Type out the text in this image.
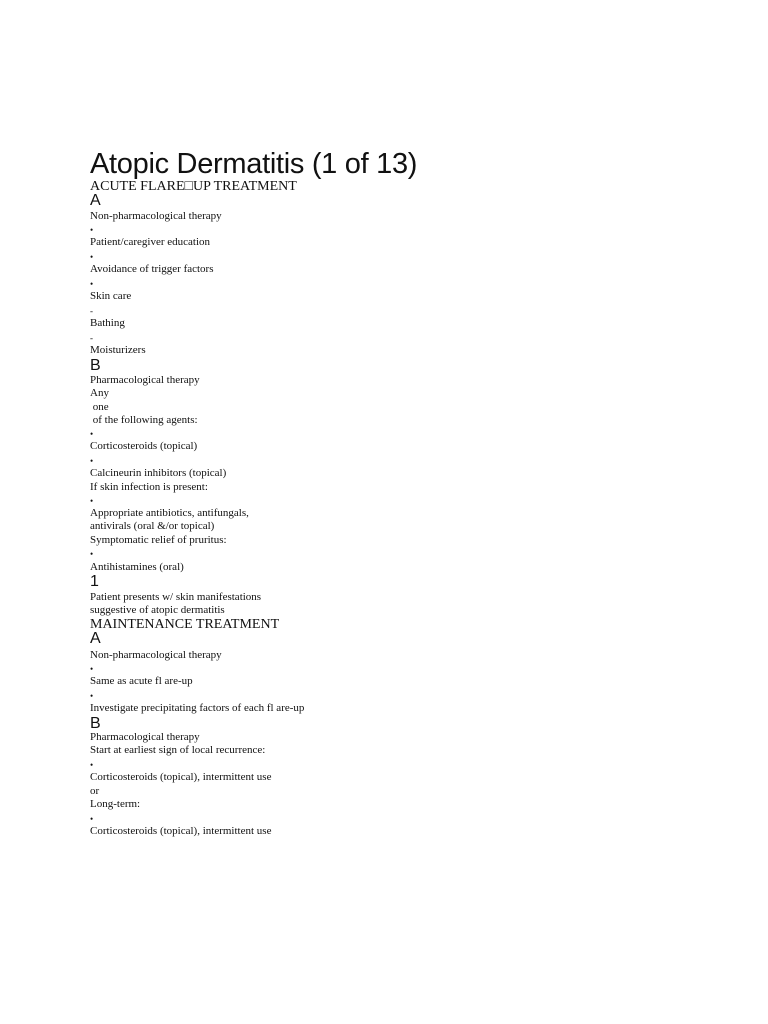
Atopic Dermatitis (1 of 13)
ACUTE FLARE□UP TREATMENT
A
Non-pharmacological therapy
•
Patient/caregiver education
•
Avoidance of trigger factors
•
Skin care
-
Bathing
-
Moisturizers
B
Pharmacological therapy
Any
one
of the following agents:
•
Corticosteroids (topical)
•
Calcineurin inhibitors (topical)
If skin infection is present:
•
Appropriate antibiotics, antifungals,
antivirals (oral &/or topical)
Symptomatic relief of pruritus:
•
Antihistamines (oral)
1
Patient presents w/ skin manifestations
suggestive of atopic dermatitis
MAINTENANCE TREATMENT
A
Non-pharmacological therapy
•
Same as acute fl are-up
•
Investigate precipitating factors of each fl are-up
B
Pharmacological therapy
Start at earliest sign of local recurrence:
•
Corticosteroids (topical), intermittent use
or
Long-term:
•
Corticosteroids (topical), intermittent use
